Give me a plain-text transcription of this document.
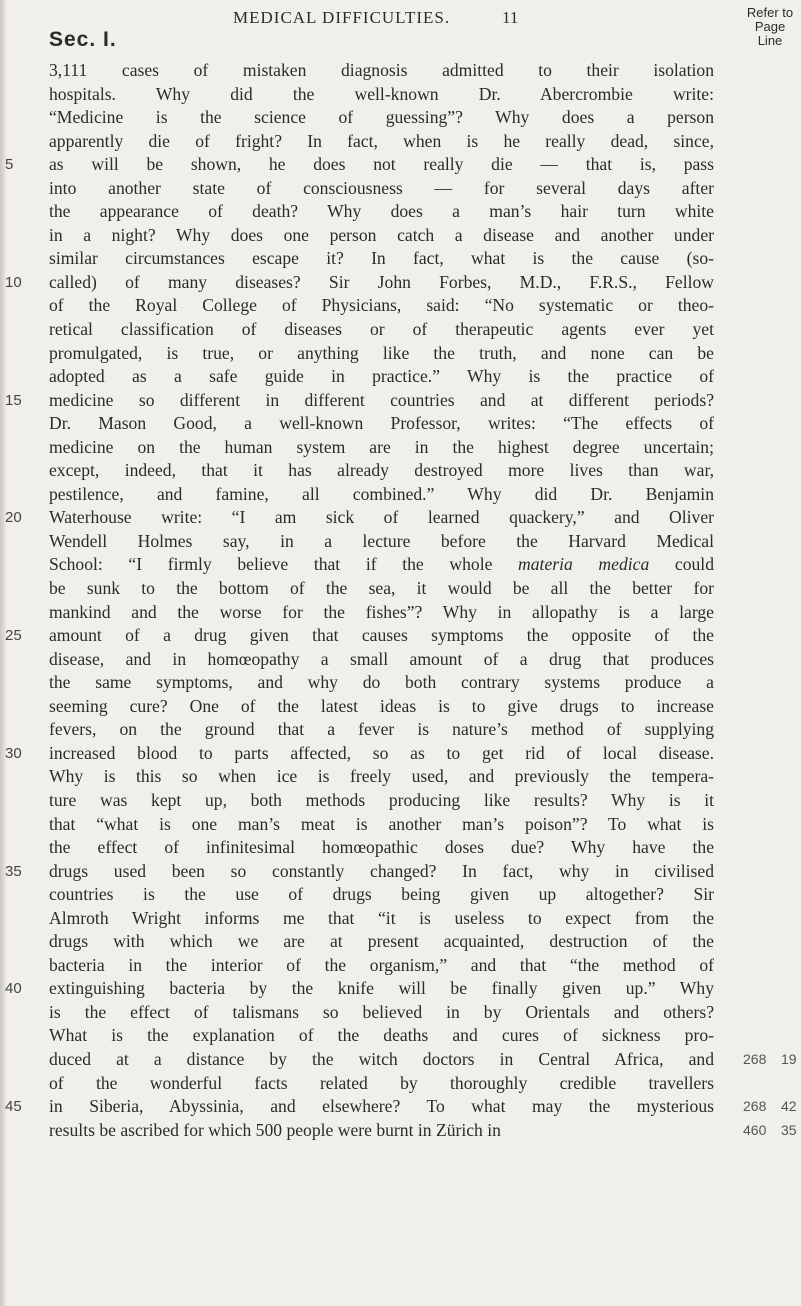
MEDICAL DIFFICULTIES.	11	Refer to Page Line
Sec. I.
3,111 cases of mistaken diagnosis admitted to their isolation
hospitals. Why did the well-known Dr. Abercrombie write:
“Medicine is the science of guessing”? Why does a person
apparently die of fright? In fact, when is he really dead, since,
5	as will be shown, he does not really die — that is, pass
into another state of consciousness — for several days after
the appearance of death? Why does a man’s hair turn white
in a night? Why does one person catch a disease and another under
similar circumstances escape it? In fact, what is the cause (so-
10	called) of many diseases? Sir John Forbes, M.D., F.R.S., Fellow
of the Royal College of Physicians, said: “No systematic or theo-
retical classification of diseases or of therapeutic agents ever yet
promulgated, is true, or anything like the truth, and none can be
adopted as a safe guide in practice.” Why is the practice of
15	medicine so different in different countries and at different periods?
Dr. Mason Good, a well-known Professor, writes: “The effects of
medicine on the human system are in the highest degree uncertain;
except, indeed, that it has already destroyed more lives than war,
pestilence, and famine, all combined.” Why did Dr. Benjamin
20	Waterhouse write: “I am sick of learned quackery,” and Oliver
Wendell Holmes say, in a lecture before the Harvard Medical
School: “I firmly believe that if the whole materia medica could
be sunk to the bottom of the sea, it would be all the better for
mankind and the worse for the fishes”? Why in allopathy is a large
25	amount of a drug given that causes symptoms the opposite of the
disease, and in homœopathy a small amount of a drug that produces
the same symptoms, and why do both contrary systems produce a
seeming cure? One of the latest ideas is to give drugs to increase
fevers, on the ground that a fever is nature’s method of supplying
30	increased blood to parts affected, so as to get rid of local disease.
Why is this so when ice is freely used, and previously the tempera-
ture was kept up, both methods producing like results? Why is it
that “what is one man’s meat is another man’s poison”? To what is
the effect of infinitesimal homœopathic doses due? Why have the
35	drugs used been so constantly changed? In fact, why in civilised
countries is the use of drugs being given up altogether? Sir
Almroth Wright informs me that “it is useless to expect from the
drugs with which we are at present acquainted, destruction of the
bacteria in the interior of the organism,” and that “the method of
40	extinguishing bacteria by the knife will be finally given up.” Why
is the effect of talismans so believed in by Orientals and others?
What is the explanation of the deaths and cures of sickness pro-
duced at a distance by the witch doctors in Central Africa, and 268 19
of the wonderful facts related by thoroughly credible travellers
45	in Siberia, Abyssinia, and elsewhere? To what may the mysterious 268 42
results be ascribed for which 500 people were burnt in Zürich in	460 35
